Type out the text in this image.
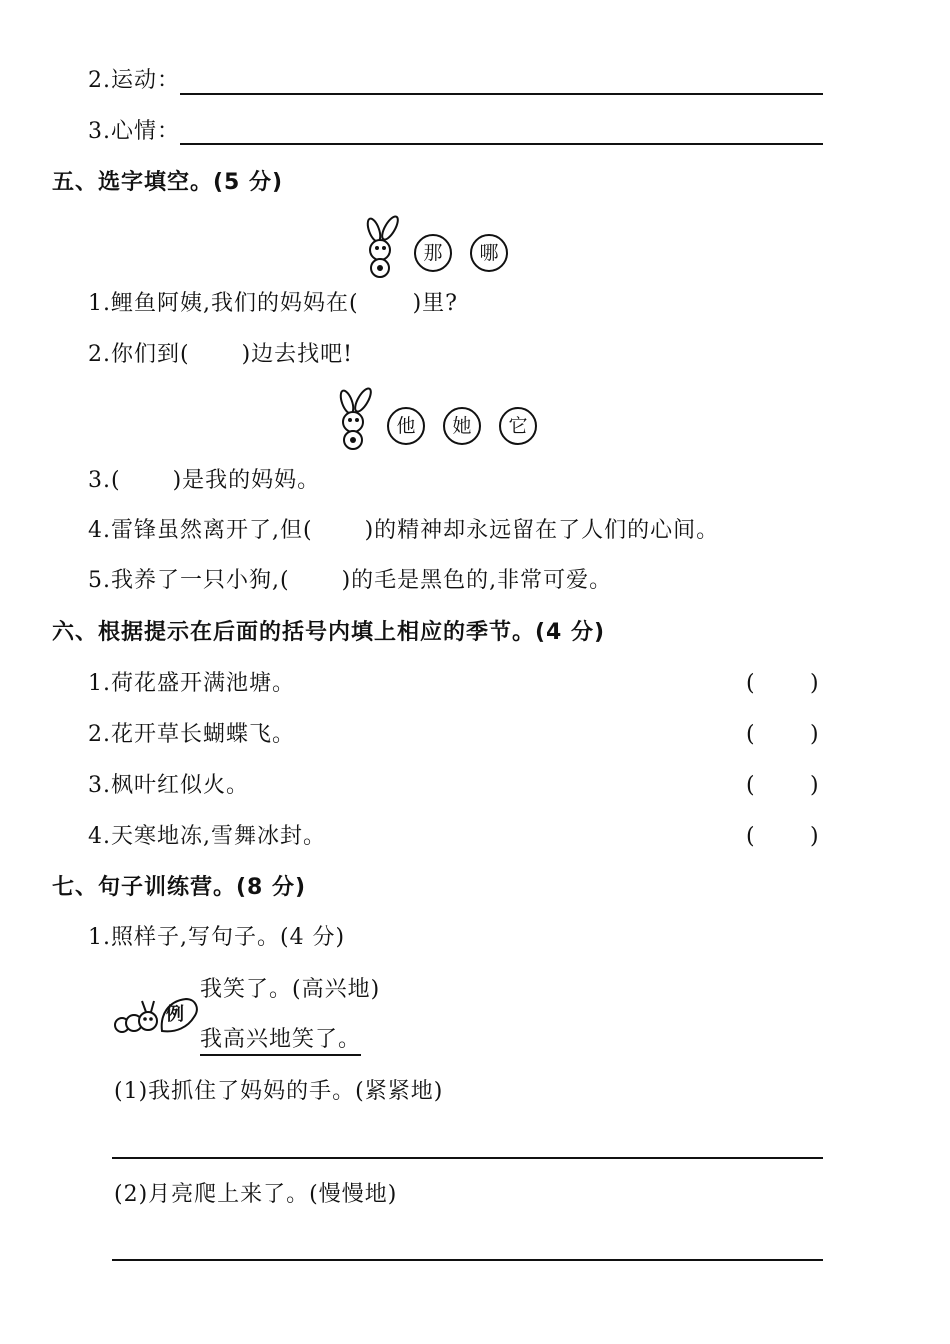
2.运动：
3.心情：
五、选字填空。(5 分)
那	哪
1.鲤鱼阿姨,我们的妈妈在( )里?
2.你们到( )边去找吧!
他	她	它
3.( )是我的妈妈。
4.雷锋虽然离开了,但( )的精神却永远留在了人们的心间。
5.我养了一只小狗,( )的毛是黑色的,非常可爱。
六、根据提示在后面的括号内填上相应的季节。(4 分)
1.荷花盛开满池塘。	(	)
2.花开草长蝴蝶飞。	(	)
3.枫叶红似火。	(	)
4.天寒地冻,雪舞冰封。	(	)
七、句子训练营。(8 分)
1.照样子,写句子。(4 分)
例
我笑了。(高兴地)
我高兴地笑了。
(1)我抓住了妈妈的手。(紧紧地)
(2)月亮爬上来了。(慢慢地)
